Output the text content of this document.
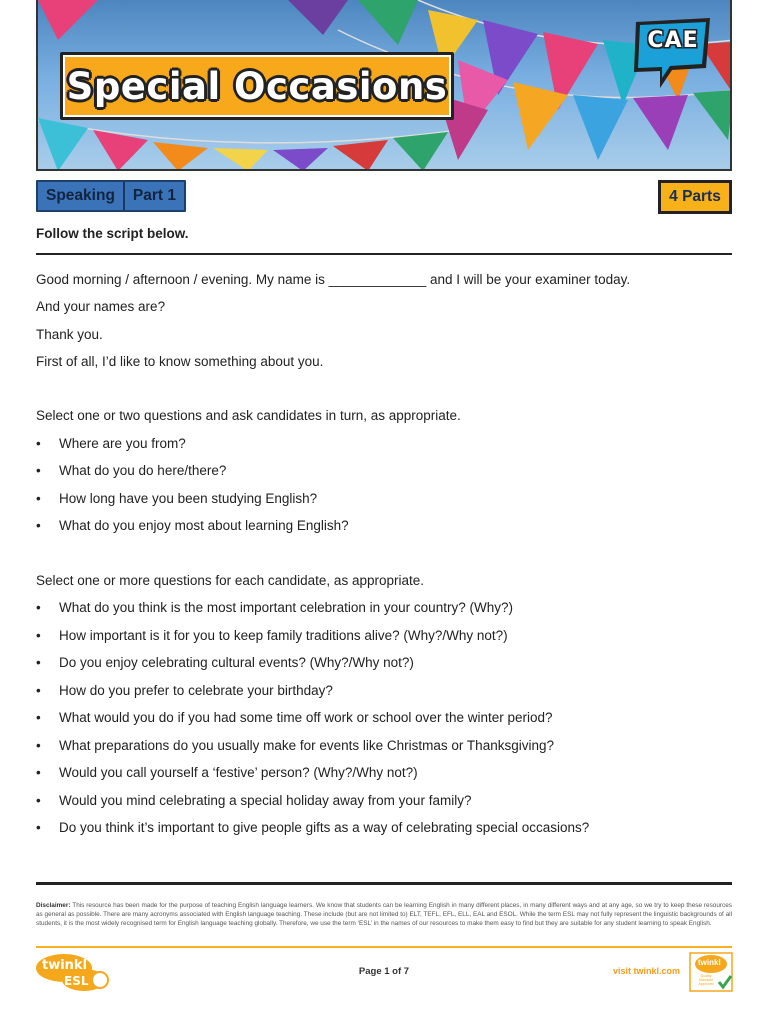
Special Occasions
CAE
Speaking	Part 1	4 Parts
Follow the script below.
Good morning / afternoon / evening. My name is _____________ and I will be your examiner today.
And your names are?
Thank you.
First of all, I’d like to know something about you.
Select one or two questions and ask candidates in turn, as appropriate.
•	Where are you from?
•	What do you do here/there?
•	How long have you been studying English?
•	What do you enjoy most about learning English?
Select one or more questions for each candidate, as appropriate.
•	What do you think is the most important celebration in your country? (Why?)
•	How important is it for you to keep family traditions alive? (Why?/Why not?)
•	Do you enjoy celebrating cultural events? (Why?/Why not?)
•	How do you prefer to celebrate your birthday?
•	What would you do if you had some time off work or school over the winter period?
•	What preparations do you usually make for events like Christmas or Thanksgiving?
•	Would you call yourself a ‘festive’ person? (Why?/Why not?)
•	Would you mind celebrating a special holiday away from your family?
•	Do you think it’s important to give people gifts as a way of celebrating special occasions?
Disclaimer: This resource has been made for the purpose of teaching English language learners. We know that students can be learning English in many different places, in many different ways and at any age, so we try to keep these resources as general as possible. There are many acronyms associated with English language teaching. These include (but are not limited to) ELT, TEFL, EFL, ELL, EAL and ESOL. While the term ESL may not fully represent the linguistic backgrounds of all students, it is the most widely recognised term for English language teaching globally. Therefore, we use the term ‘ESL’ in the names of our resources to make them easy to find but they are suitable for any student learning to speak English.
twinkl
ESL
Page 1 of 7	visit twinkl.com
twinkl
Quality Standard Approved
